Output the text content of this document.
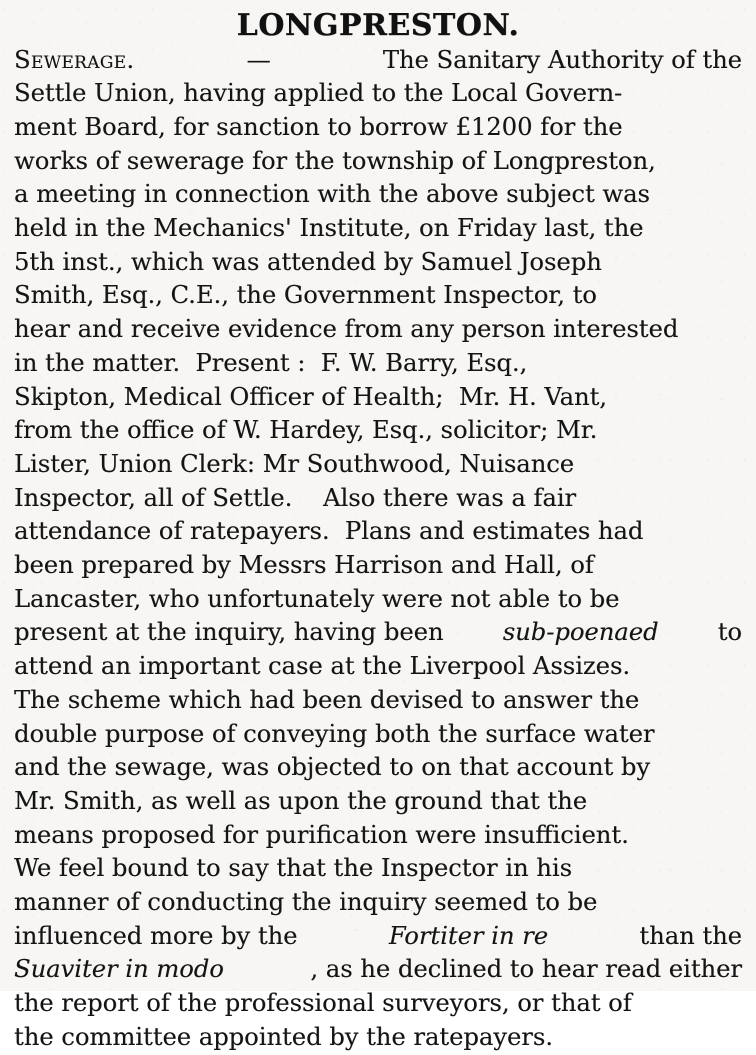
LONGPRESTON.
Sewerage.	—	The Sanitary Authority of the
Settle Union, having applied to the Local Govern-
ment Board, for sanction to borrow £1200 for the
works of sewerage for the township of Longpreston,
a meeting in connection with the above subject was
held in the Mechanics' Institute, on Friday last, the
5th inst., which was attended by Samuel Joseph
Smith, Esq., C.E., the Government Inspector, to
hear and receive evidence from any person interested
in the matter.  Present :  F. W. Barry, Esq.,
Skipton, Medical Officer of Health;  Mr. H. Vant,
from the office of W. Hardey, Esq., solicitor; Mr.
Lister, Union Clerk: Mr Southwood, Nuisance
Inspector, all of Settle.    Also there was a fair
attendance of ratepayers.  Plans and estimates had
been prepared by Messrs Harrison and Hall, of
Lancaster, who unfortunately were not able to be
present at the inquiry, having been sub-poenaed to
attend an important case at the Liverpool Assizes.
The scheme which had been devised to answer the
double purpose of conveying both the surface water
and the sewage, was objected to on that account by
Mr. Smith, as well as upon the ground that the
means proposed for purification were insufficient.
We feel bound to say that the Inspector in his
manner of conducting the inquiry seemed to be
influenced more by the	Fortiter in re	than the
Suaviter in modo	, as he declined to hear read either
the report of the professional surveyors, or that of
the committee appointed by the ratepayers.
